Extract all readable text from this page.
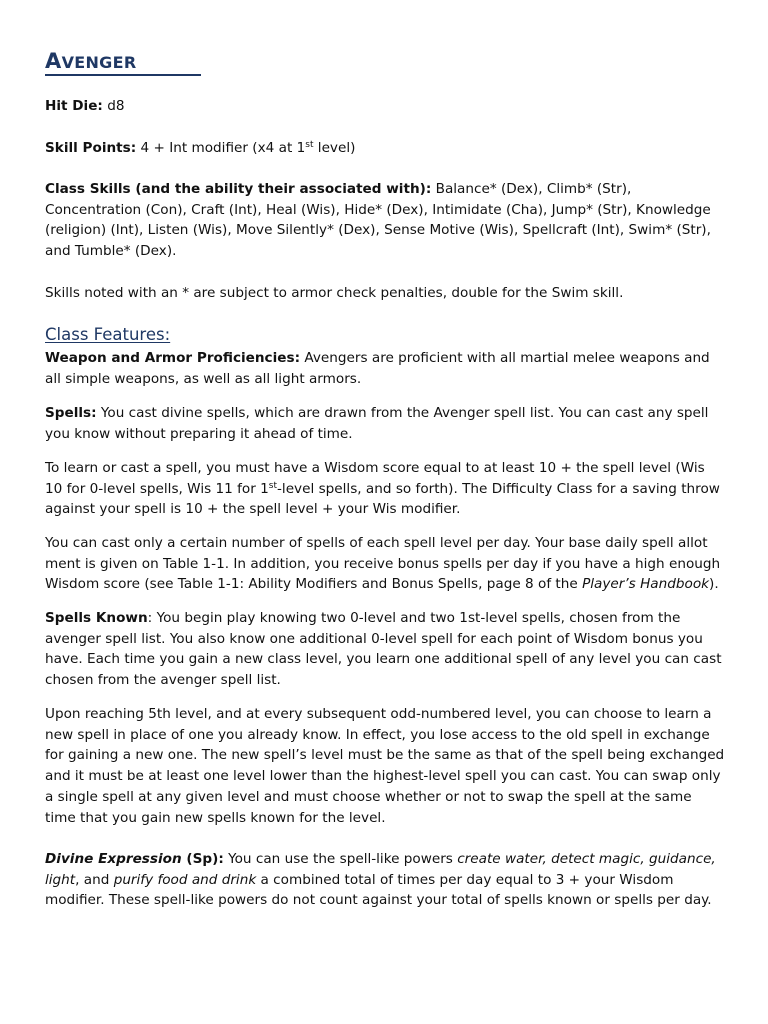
AVENGER
Hit Die: d8
Skill Points: 4 + Int modifier (x4 at 1st level)
Class Skills (and the ability their associated with): Balance* (Dex), Climb* (Str), Concentration (Con), Craft (Int), Heal (Wis), Hide* (Dex), Intimidate (Cha), Jump* (Str), Knowledge (religion) (Int), Listen (Wis), Move Silently* (Dex), Sense Motive (Wis), Spellcraft (Int), Swim* (Str), and Tumble* (Dex).
Skills noted with an * are subject to armor check penalties, double for the Swim skill.
Class Features:
Weapon and Armor Proficiencies: Avengers are proficient with all martial melee weapons and all simple weapons, as well as all light armors.
Spells: You cast divine spells, which are drawn from the Avenger spell list. You can cast any spell you know without preparing it ahead of time.
To learn or cast a spell, you must have a Wisdom score equal to at least 10 + the spell level (Wis 10 for 0-level spells, Wis 11 for 1st-level spells, and so forth). The Difficulty Class for a saving throw against your spell is 10 + the spell level + your Wis modifier.
You can cast only a certain number of spells of each spell level per day. Your base daily spell allot ment is given on Table 1-1. In addition, you receive bonus spells per day if you have a high enough Wisdom score (see Table 1-1: Ability Modifiers and Bonus Spells, page 8 of the Player’s Handbook).
Spells Known: You begin play knowing two 0-level and two 1st-level spells, chosen from the avenger spell list. You also know one additional 0-level spell for each point of Wisdom bonus you have. Each time you gain a new class level, you learn one additional spell of any level you can cast chosen from the avenger spell list.
Upon reaching 5th level, and at every subsequent odd-numbered level, you can choose to learn a new spell in place of one you already know. In effect, you lose access to the old spell in exchange for gaining a new one. The new spell’s level must be the same as that of the spell being exchanged and it must be at least one level lower than the highest-level spell you can cast. You can swap only a single spell at any given level and must choose whether or not to swap the spell at the same time that you gain new spells known for the level.
Divine Expression (Sp): You can use the spell-like powers create water, detect magic, guidance, light, and purify food and drink a combined total of times per day equal to 3 + your Wisdom modifier. These spell-like powers do not count against your total of spells known or spells per day.
